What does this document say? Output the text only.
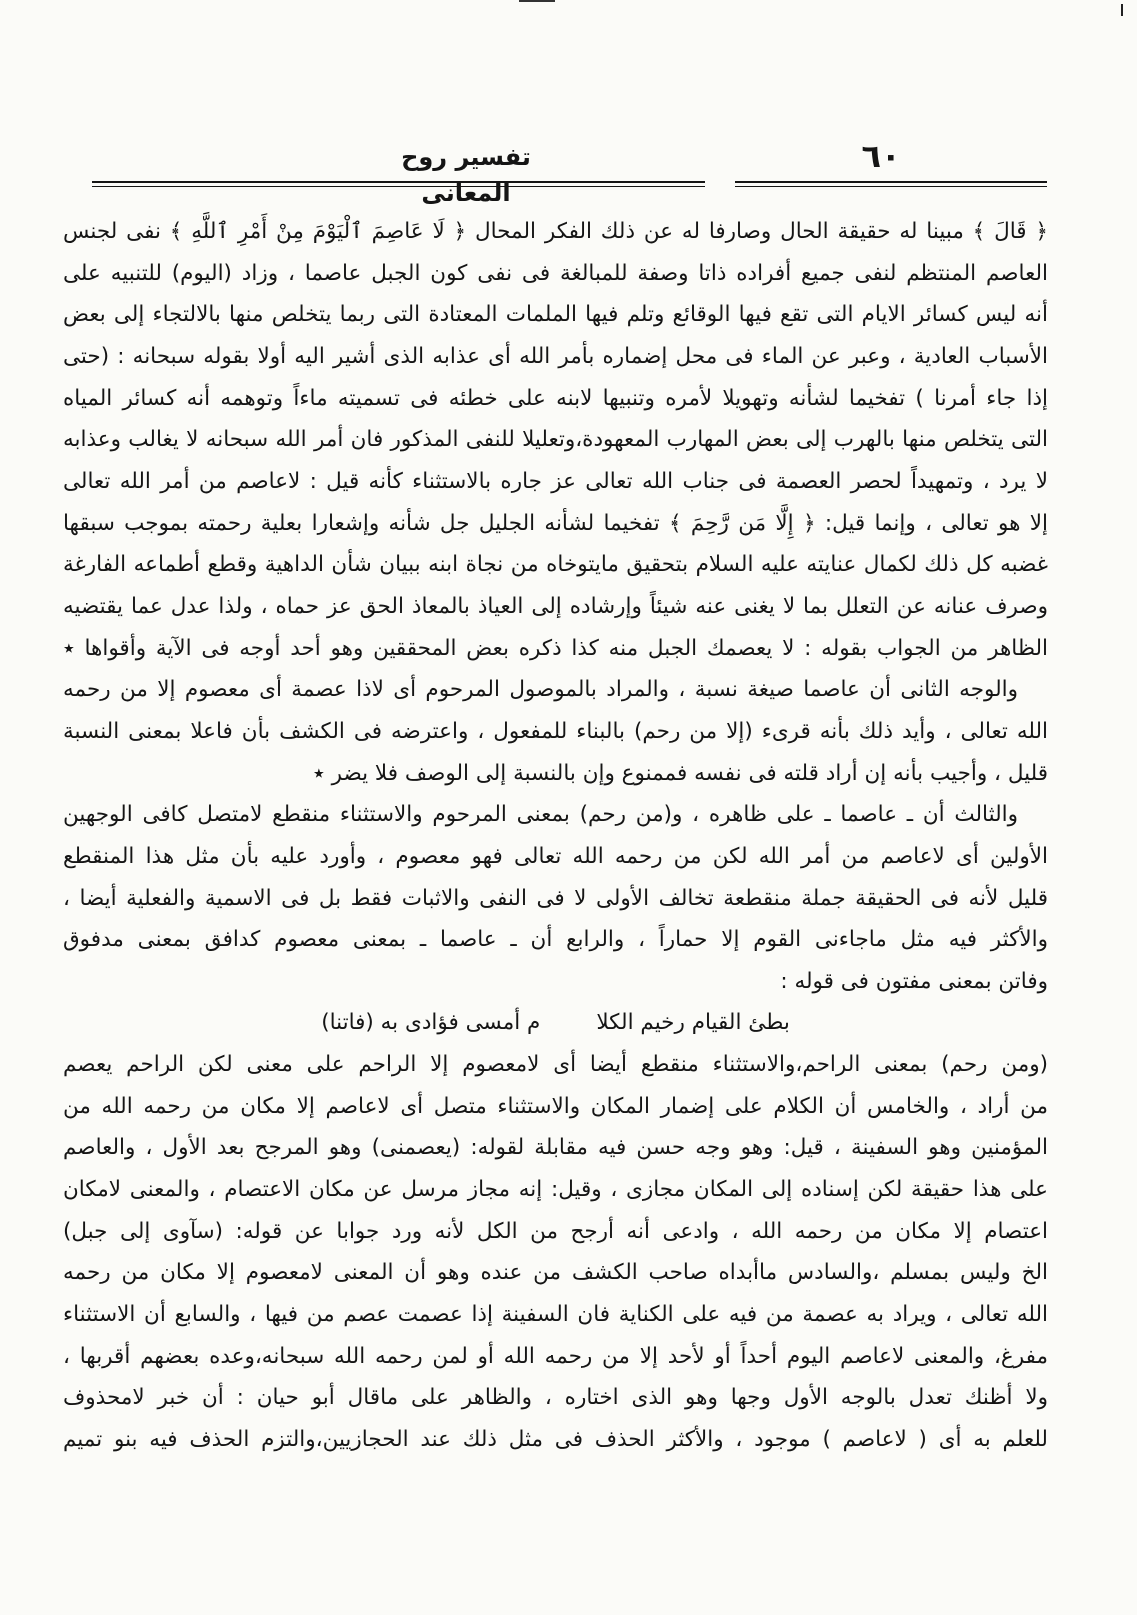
٦٠
تفسير روح المعانى
﴿ قَالَ ﴾ مبينا له حقيقة الحال وصارفا له عن ذلك الفكر المحال ﴿ لَا عَاصِمَ ٱلْيَوْمَ مِنْ أَمْرِ ٱللَّهِ ﴾ نفى لجنس
العاصم المنتظم لنفى جميع أفراده ذاتا وصفة للمبالغة فى نفى كون الجبل عاصما ، وزاد (اليوم) للتنبيه على
أنه ليس كسائر الايام التى تقع فيها الوقائع وتلم فيها الملمات المعتادة التى ربما يتخلص منها بالالتجاء إلى بعض
الأسباب العادية ، وعبر عن الماء فى محل إضماره بأمر الله أى عذابه الذى أشير اليه أولا بقوله سبحانه : (حتى
إذا جاء أمرنا ) تفخيما لشأنه وتهويلا لأمره وتنبيها لابنه على خطئه فى تسميته ماءاً وتوهمه أنه كسائر المياه
التى يتخلص منها بالهرب إلى بعض المهارب المعهودة،وتعليلا للنفى المذكور فان أمر الله سبحانه لا يغالب وعذابه
لا يرد ، وتمهيداً لحصر العصمة فى جناب الله تعالى عز جاره بالاستثناء كأنه قيل : لاعاصم من أمر الله تعالى
إلا هو تعالى ، وإنما قيل: ﴿ إِلَّا مَن رَّحِمَ ﴾ تفخيما لشأنه الجليل جل شأنه وإشعارا بعلية رحمته بموجب سبقها
غضبه كل ذلك لكمال عنايته عليه السلام بتحقيق مايتوخاه من نجاة ابنه ببيان شأن الداهية وقطع أطماعه الفارغة
وصرف عنانه عن التعلل بما لا يغنى عنه شيئاً وإرشاده إلى العياذ بالمعاذ الحق عز حماه ، ولذا عدل عما يقتضيه
الظاهر من الجواب بقوله : لا يعصمك الجبل منه كذا ذكره بعض المحققين وهو أحد أوجه فى الآية وأقواها ٭
والوجه الثانى أن عاصما صيغة نسبة ، والمراد بالموصول المرحوم أى لاذا عصمة أى معصوم إلا من رحمه
الله تعالى ، وأيد ذلك بأنه قرىء (إلا من رحم) بالبناء للمفعول ، واعترضه فى الكشف بأن فاعلا بمعنى النسبة
قليل ، وأجيب بأنه إن أراد قلته فى نفسه فممنوع وإن بالنسبة إلى الوصف فلا يضر ٭
والثالث أن ـ عاصما ـ على ظاهره ، و(من رحم) بمعنى المرحوم والاستثناء منقطع لامتصل كافى الوجهين
الأولين أى لاعاصم من أمر الله لكن من رحمه الله تعالى فهو معصوم ، وأورد عليه بأن مثل هذا المنقطع
قليل لأنه فى الحقيقة جملة منقطعة تخالف الأولى لا فى النفى والاثبات فقط بل فى الاسمية والفعلية أيضا ،
والأكثر فيه مثل ماجاءنى القوم إلا حماراً ، والرابع أن ـ عاصما ـ بمعنى معصوم كدافق بمعنى مدفوق
وفاتن بمعنى مفتون فى قوله :
بطئ القيام رخيم الكلا
م أمسى فؤادى به (فاتنا)
(ومن رحم) بمعنى الراحم،والاستثناء منقطع أيضا أى لامعصوم إلا الراحم على معنى لكن الراحم يعصم
من أراد ، والخامس أن الكلام على إضمار المكان والاستثناء متصل أى لاعاصم إلا مكان من رحمه الله من
المؤمنين وهو السفينة ، قيل: وهو وجه حسن فيه مقابلة لقوله: (يعصمنى) وهو المرجح بعد الأول ، والعاصم
على هذا حقيقة لكن إسناده إلى المكان مجازى ، وقيل: إنه مجاز مرسل عن مكان الاعتصام ، والمعنى لامكان
اعتصام إلا مكان من رحمه الله ، وادعى أنه أرجح من الكل لأنه ورد جوابا عن قوله: (سآوى إلى جبل)
الخ وليس بمسلم ،والسادس ماأبداه صاحب الكشف من عنده وهو أن المعنى لامعصوم إلا مكان من رحمه
الله تعالى ، ويراد به عصمة من فيه على الكناية فان السفينة إذا عصمت عصم من فيها ، والسابع أن الاستثناء
مفرغ، والمعنى لاعاصم اليوم أحداً أو لأحد إلا من رحمه الله أو لمن رحمه الله سبحانه،وعده بعضهم أقربها ،
ولا أظنك تعدل بالوجه الأول وجها وهو الذى اختاره ، والظاهر على ماقال أبو حيان : أن خبر لامحذوف
للعلم به أى ( لاعاصم ) موجود ، والأكثر الحذف فى مثل ذلك عند الحجازيين،والتزم الحذف فيه بنو تميم
